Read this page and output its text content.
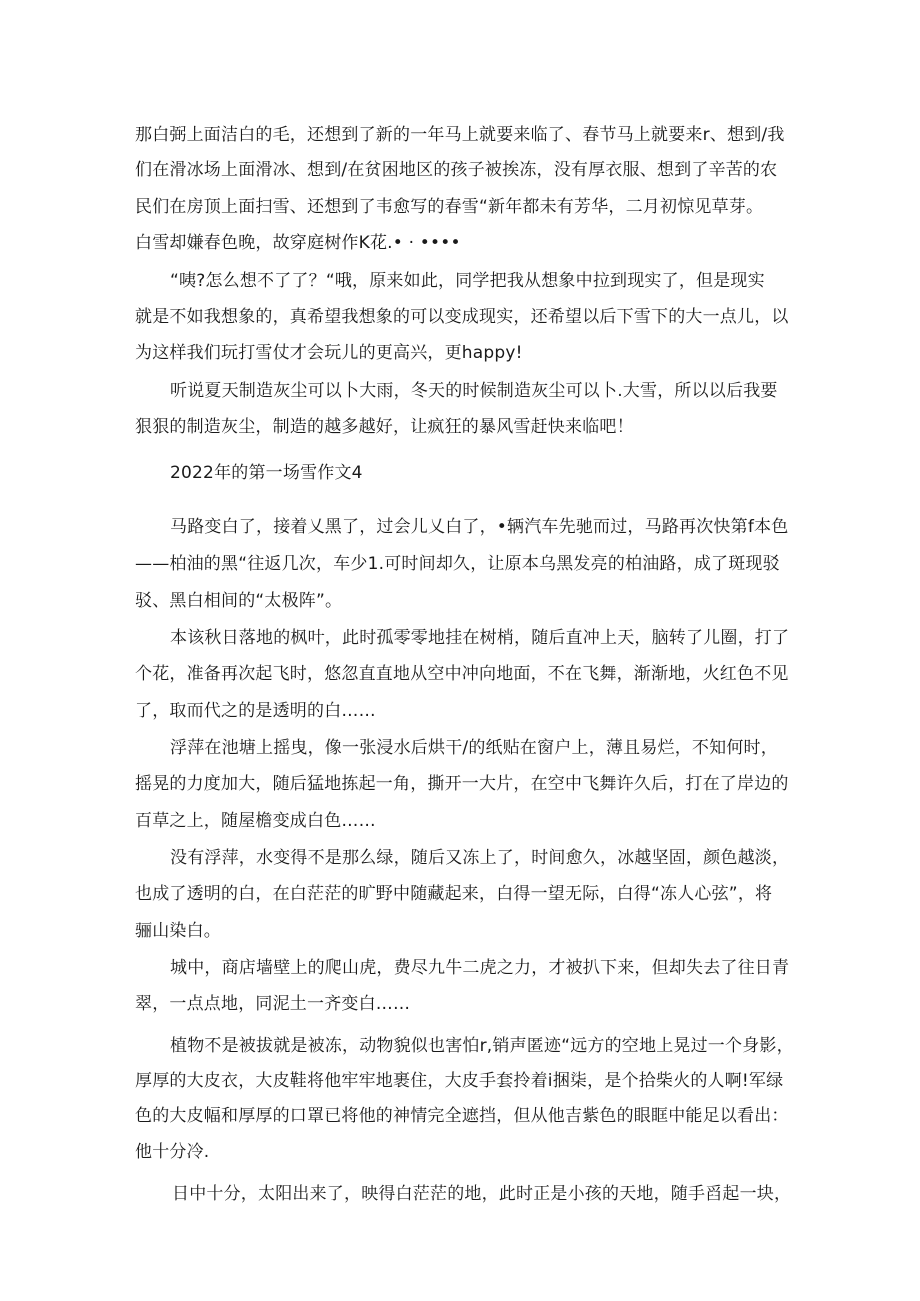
那白弼上面洁白的毛，还想到了新的一年马上就要来临了、春节马上就要来r、想到/我
们在滑冰场上面滑冰、想到/在贫困地区的孩子被挨冻，没有厚衣服、想到了辛苦的农
民们在房顶上面扫雪、还想到了韦愈写的春雪“新年都未有芳华，二月初惊见草芽。
白雪却嫌春色晚，故穿庭树作K花.• · ••••
“咦?怎么想不了了？“哦，原来如此，同学把我从想象中拉到现实了，但是现实
就是不如我想象的，真希望我想象的可以变成现实，还希望以后下雪下的大一点儿，以
为这样我们玩打雪仗才会玩儿的更高兴，更happy!
听说夏天制造灰尘可以卜大雨，冬天的时候制造灰尘可以卜.大雪，所以以后我要
狠狠的制造灰尘，制造的越多越好，让疯狂的暴风雪赶快来临吧！
2022年的第一场雪作文4
马路变白了，接着乂黑了，过会儿乂白了，•辆汽车先驰而过，马路再次快第f本色
——柏油的黑“往返几次，车少1.可时间却久，让原本乌黑发亮的柏油路，成了斑现驳
驳、黑白相间的“太极阵”。
本该秋日落地的枫叶，此时孤零零地挂在树梢，随后直冲上天，脑转了儿圈，打了
个花，准备再次起飞时，悠忽直直地从空中冲向地面，不在飞舞，渐渐地，火红色不见
了，取而代之的是透明的白……
浮萍在池塘上摇曳，像一张浸水后烘干/的纸贴在窗户上，薄且易烂，不知何时，
摇晃的力度加大，随后猛地拣起一角，撕开一大片，在空中飞舞许久后，打在了岸边的
百草之上，随屋檐变成白色……
没有浮萍，水变得不是那么绿，随后又冻上了，时间愈久，冰越坚固，颜色越淡，
也成了透明的白，在白茫茫的旷野中随藏起来，白得一望无际，白得“冻人心弦”，将
骊山染白。
城中，商店墙壁上的爬山虎，费尽九牛二虎之力，才被扒下来，但却失去了往日青
翠，一点点地，同泥土一齐变白……
植物不是被拔就是被冻，动物貌似也害怕r,销声匿迹“远方的空地上晃过一个身影，
厚厚的大皮衣，大皮鞋将他牢牢地裹住，大皮手套拎着i捆柒，是个拾柴火的人啊!军绿
色的大皮幅和厚厚的口罩已将他的神情完全遮挡，但从他吉紫色的眼眶中能足以看出：
他十分冷.
日中十分，太阳出来了，映得白茫茫的地，此时正是小孩的天地，随手舀起一块，
